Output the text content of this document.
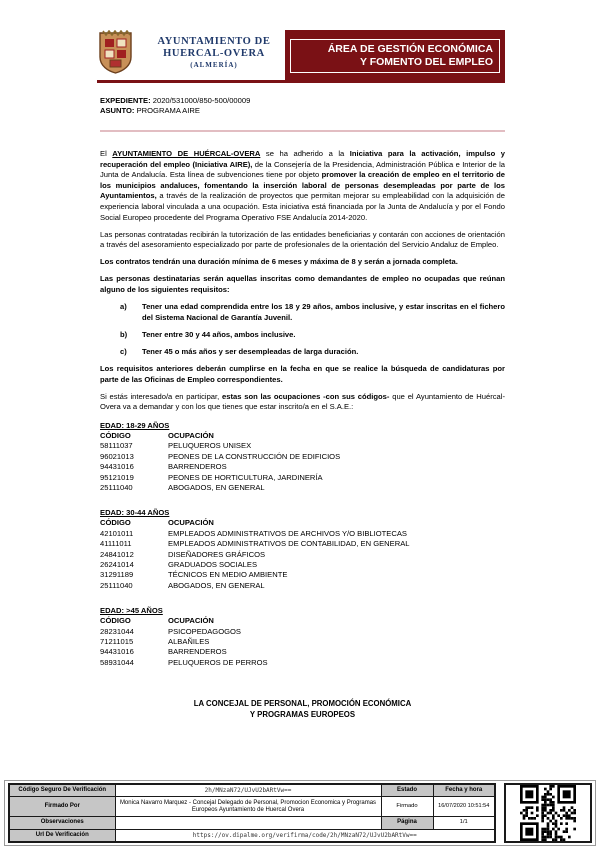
AYUNTAMIENTO DE
HUERCAL-OVERA
(ALMERÍA)
ÁREA DE GESTIÓN ECONÓMICA
Y FOMENTO DEL EMPLEO
EXPEDIENTE: 2020/531000/850-500/00009
ASUNTO: PROGRAMA AIRE

El AYUNTAMIENTO DE HUÉRCAL-OVERA se ha adherido a la Iniciativa para la activación, impulso y recuperación del empleo (Iniciativa AIRE), de la Consejería de la Presidencia, Administración Pública e Interior de la Junta de Andalucía. Esta línea de subvenciones tiene por objeto promover la creación de empleo en el territorio de los municipios andaluces, fomentando la inserción laboral de personas desempleadas por parte de los Ayuntamientos, a través de la realización de proyectos que permitan mejorar su empleabilidad con la adquisición de experiencia laboral vinculada a una ocupación. Esta iniciativa está financiada por la Junta de Andalucía y por el Fondo Social Europeo procedente del Programa Operativo FSE Andalucía 2014-2020.

Las personas contratadas recibirán la tutorización de las entidades beneficiarias y contarán con acciones de orientación a través del asesoramiento especializado por parte de profesionales de la orientación del Servicio Andaluz de Empleo.

Los contratos tendrán una duración mínima de 6 meses y máxima de 8 y serán a jornada completa.

Las personas destinatarias serán aquellas inscritas como demandantes de empleo no ocupadas que reúnan alguno de los siguientes requisitos:

a) Tener una edad comprendida entre los 18 y 29 años, ambos inclusive, y estar inscritas en el fichero del Sistema Nacional de Garantía Juvenil.
b) Tener entre 30 y 44 años, ambos inclusive.
c) Tener 45 o más años y ser desempleadas de larga duración.

Los requisitos anteriores deberán cumplirse en la fecha en que se realice la búsqueda de candidaturas por parte de las Oficinas de Empleo correspondientes.

Si estás interesado/a en participar, estas son las ocupaciones -con sus códigos- que el Ayuntamiento de Huércal-Overa va a demandar y con los que tienes que estar inscrito/a en el S.A.E.:

EDAD: 18-29 AÑOS
CÓDIGO	OCUPACIÓN
58111037	PELUQUEROS UNISEX
96021013	PEONES DE LA CONSTRUCCIÓN DE EDIFICIOS
94431016	BARRENDEROS
95121019	PEONES DE HORTICULTURA, JARDINERÍA
25111040	ABOGADOS, EN GENERAL
EDAD: 30-44 AÑOS
CÓDIGO	OCUPACIÓN
42101011	EMPLEADOS ADMINISTRATIVOS DE ARCHIVOS Y/O BIBLIOTECAS
41111011	EMPLEADOS ADMINISTRATIVOS DE CONTABILIDAD, EN GENERAL
24841012	DISEÑADORES GRÁFICOS
26241014	GRADUADOS SOCIALES
31291189	TÉCNICOS EN MEDIO AMBIENTE
25111040	ABOGADOS, EN GENERAL
EDAD: >45 AÑOS
CÓDIGO	OCUPACIÓN
28231044	PSICOPEDAGOGOS
71211015	ALBAÑILES
94431016	BARRENDEROS
58931044	PELUQUEROS DE PERROS
LA CONCEJAL DE PERSONAL, PROMOCIÓN ECONÓMICA
Y PROGRAMAS EUROPEOS
Código Seguro De Verificación	2h/MNzaN72/UJvU2bARtVw==	Estado	Fecha y hora
Firmado Por	Monica Navarro Marquez - Concejal Delegado de Personal, Promocion Economica y Programas Europeos Ayuntamiento de Huercal Overa	Firmado	16/07/2020 10:51:54
Observaciones		Página	1/1
Url De Verificación	https://ov.dipalme.org/verifirma/code/2h/MNzaN72/UJvU2bARtVw==		
